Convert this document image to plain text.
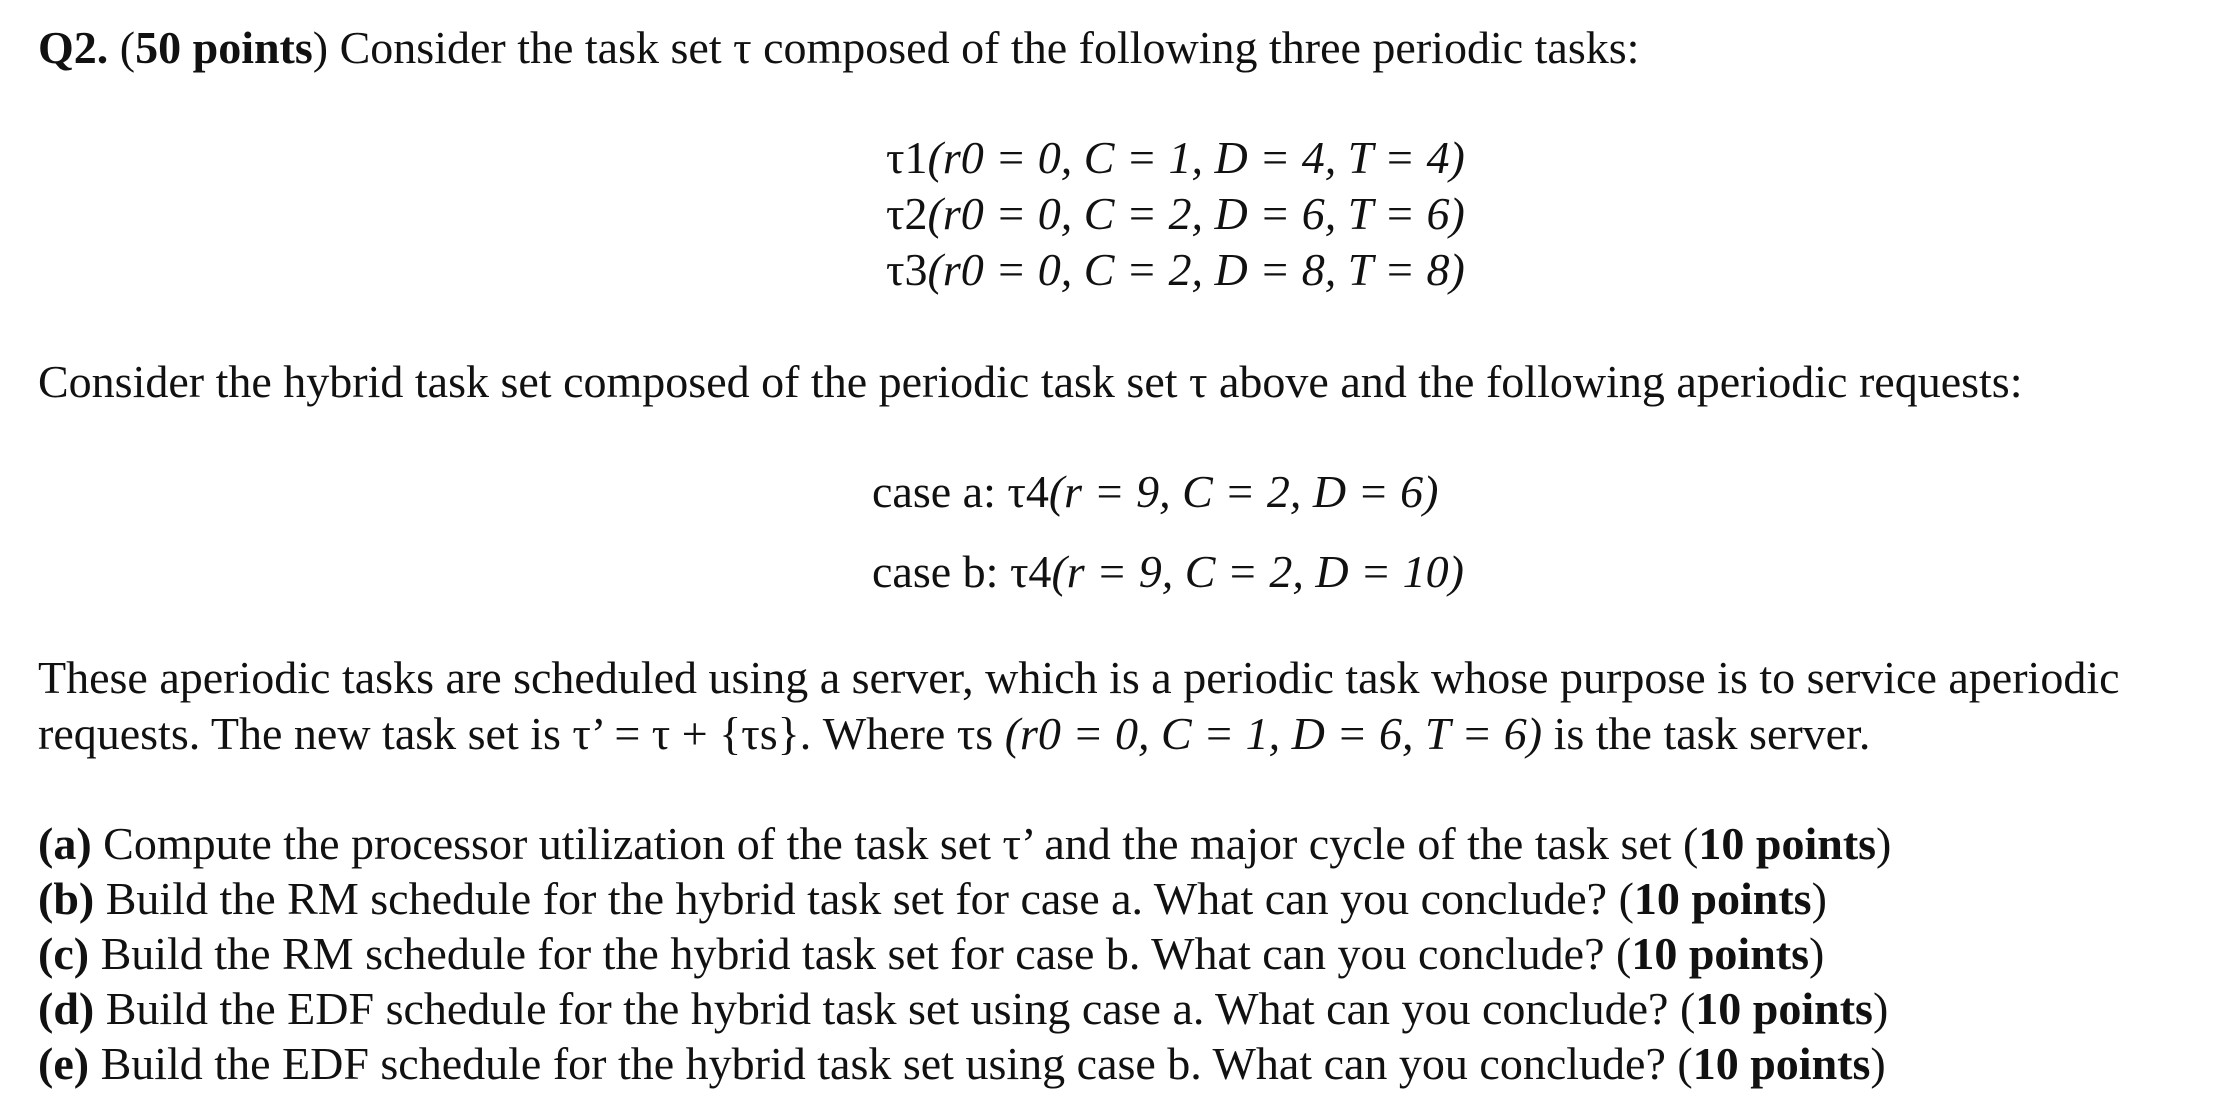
Q2. (50 points) Consider the task set τ composed of the following three periodic tasks:
τ1(r0 = 0, C = 1, D = 4, T = 4)
τ2(r0 = 0, C = 2, D = 6, T = 6)
τ3(r0 = 0, C = 2, D = 8, T = 8)
Consider the hybrid task set composed of the periodic task set τ above and the following aperiodic requests:
case a: τ4(r = 9, C = 2, D = 6)
case b: τ4(r = 9, C = 2, D = 10)
These aperiodic tasks are scheduled using a server, which is a periodic task whose purpose is to service aperiodic
requests. The new task set is τ’ = τ + {τs}. Where τs (r0 = 0, C = 1, D = 6, T = 6) is the task server.
(a) Compute the processor utilization of the task set τ’ and the major cycle of the task set (10 points)
(b) Build the RM schedule for the hybrid task set for case a. What can you conclude? (10 points)
(c) Build the RM schedule for the hybrid task set for case b. What can you conclude? (10 points)
(d) Build the EDF schedule for the hybrid task set using case a. What can you conclude? (10 points)
(e) Build the EDF schedule for the hybrid task set using case b. What can you conclude? (10 points)
